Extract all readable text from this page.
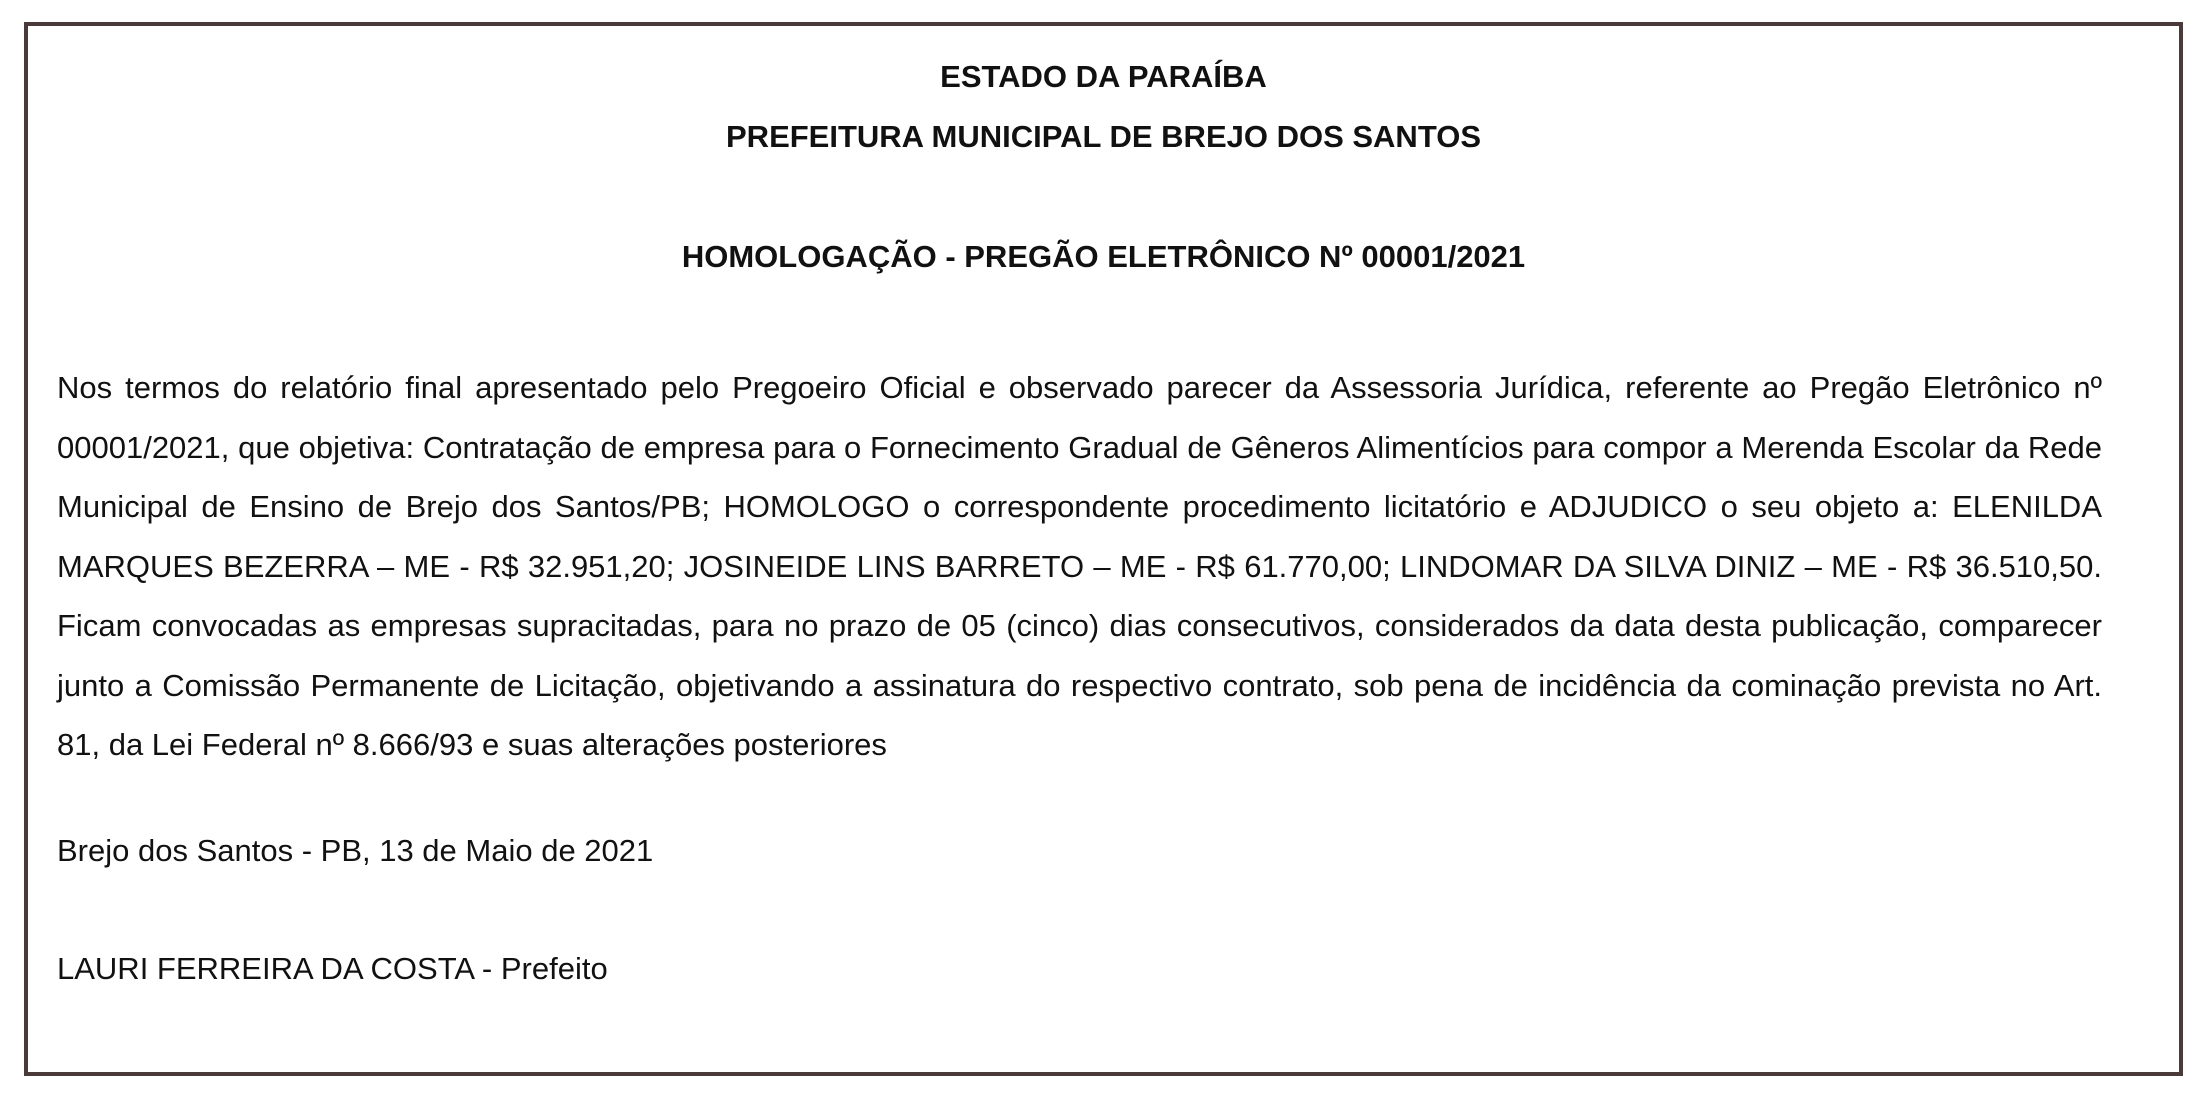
ESTADO DA PARAÍBA

PREFEITURA MUNICIPAL DE BREJO DOS SANTOS

HOMOLOGAÇÃO - PREGÃO ELETRÔNICO Nº 00001/2021

Nos termos do relatório final apresentado pelo Pregoeiro Oficial e observado parecer da Assessoria Jurídica, referente ao Pregão Eletrônico nº 00001/2021, que objetiva: Contratação de empresa para o Fornecimento Gradual de Gêneros Alimentícios para compor a Merenda Escolar da Rede Municipal de Ensino de Brejo dos Santos/PB; HOMOLOGO o correspondente procedimento licitatório e ADJUDICO o seu objeto a: ELENILDA MARQUES BEZERRA – ME - R$ 32.951,20; JOSINEIDE LINS BARRETO – ME - R$ 61.770,00; LINDOMAR DA SILVA DINIZ – ME - R$ 36.510,50. Ficam convocadas as empresas supracitadas, para no prazo de 05 (cinco) dias consecutivos, considerados da data desta publicação, comparecer junto a Comissão Permanente de Licitação, objetivando a assinatura do respectivo contrato, sob pena de incidência da cominação prevista no Art. 81, da Lei Federal nº 8.666/93 e suas alterações posteriores

Brejo dos Santos - PB, 13 de Maio de 2021

LAURI FERREIRA DA COSTA - Prefeito
